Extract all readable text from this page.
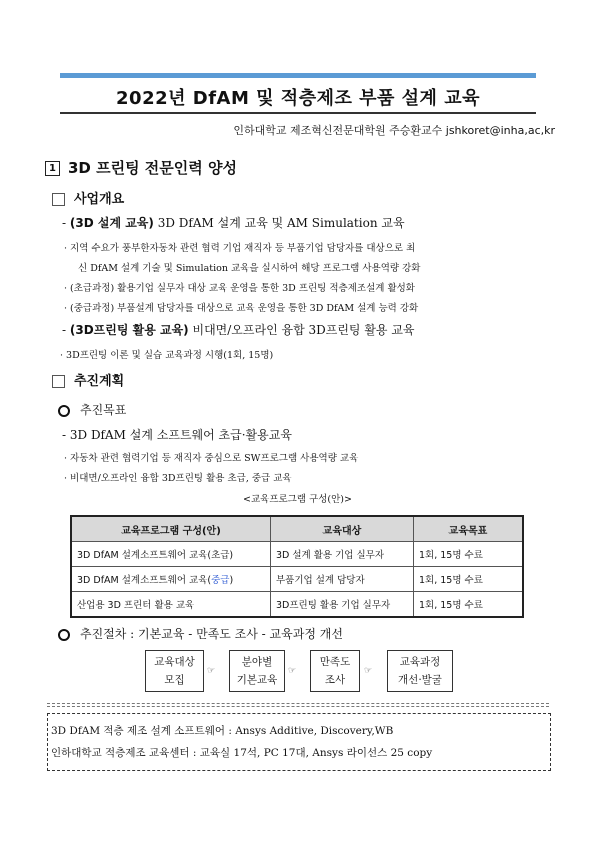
2022년 DfAM 및 적층제조 부품 설계 교육
인하대학교 제조혁신전문대학원 주승환교수 jshkoret@inha,ac,kr
1 3D 프린팅 전문인력 양성
사업개요
- (3D 설계 교육) 3D DfAM 설계 교육 및 AM Simulation 교육
· 지역 수요가 풍부한자동차 관련 협력 기업 재직자 등 부품기업 담당자를 대상으로 최
신 DfAM 설계 기술 및 Simulation 교육을 실시하여 해당 프로그램 사용역량 강화
· (초급과정) 활용기업 실무자 대상 교육 운영을 통한 3D 프린팅 적층제조설계 활성화
· (중급과정) 부품설계 담당자를 대상으로 교육 운영을 통한 3D DfAM 설계 능력 강화
- (3D프린팅 활용 교육) 비대면/오프라인 융합 3D프린팅 활용 교육
· 3D프린팅 이론 및 실습 교육과정 시행(1회, 15명)
추진계획
추진목표
- 3D DfAM 설계 소프트웨어 초급·활용교육
· 자동차 관련 협력기업 등 재직자 중심으로 SW프로그램 사용역량 교육
· 비대면/오프라인 융합 3D프린팅 활용 초급, 중급 교육
<교육프로그램 구성(안)>
교육프로그램 구성(안)	교육대상	교육목표
3D DfAM 설계소프트웨어 교육(초급)	3D 설계 활용 기업 실무자	1회, 15명 수료
3D DfAM 설계소프트웨어 교육(중급)	부품기업 설계 담당자	1회, 15명 수료
산업용 3D 프린터 활용 교육	3D프린팅 활용 기업 실무자	1회, 15명 수료
추진절차 : 기본교육 - 만족도 조사 - 교육과정 개선
교육대상
모집
☞
분야별
기본교육
☞
만족도
조사
☞
교육과정
개선·발굴
3D DfAM 적층 제조 설계 소프트웨어 : Ansys Additive, Discovery,WB
인하대학교 적층제조 교육센터 : 교육실 17석, PC 17대, Ansys 라이선스 25 copy
